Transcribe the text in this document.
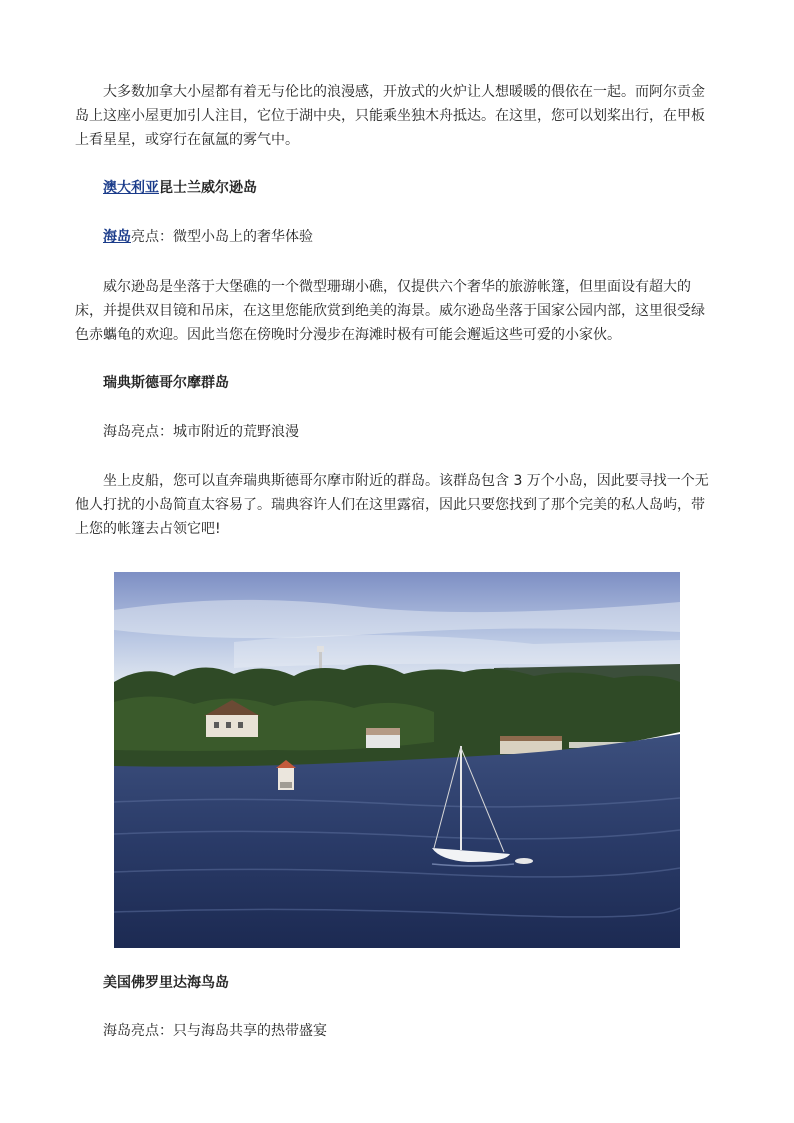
大多数加拿大小屋都有着无与伦比的浪漫感，开放式的火炉让人想暖暖的偎依在一起。而阿尔贡金岛上这座小屋更加引人注目，它位于湖中央，只能乘坐独木舟抵达。在这里，您可以划桨出行，在甲板上看星星，或穿行在氤氲的雾气中。

澳大利亚昆士兰威尔逊岛

海岛亮点：微型小岛上的奢华体验

威尔逊岛是坐落于大堡礁的一个微型珊瑚小礁，仅提供六个奢华的旅游帐篷，但里面设有超大的床，并提供双目镜和吊床，在这里您能欣赏到绝美的海景。威尔逊岛坐落于国家公园内部，这里很受绿色赤蠵龟的欢迎。因此当您在傍晚时分漫步在海滩时极有可能会邂逅这些可爱的小家伙。

瑞典斯德哥尔摩群岛

海岛亮点：城市附近的荒野浪漫

坐上皮船，您可以直奔瑞典斯德哥尔摩市附近的群岛。该群岛包含 3 万个小岛，因此要寻找一个无他人打扰的小岛简直太容易了。瑞典容许人们在这里露宿，因此只要您找到了那个完美的私人岛屿，带上您的帐篷去占领它吧!

美国佛罗里达海鸟岛

海岛亮点：只与海岛共享的热带盛宴
